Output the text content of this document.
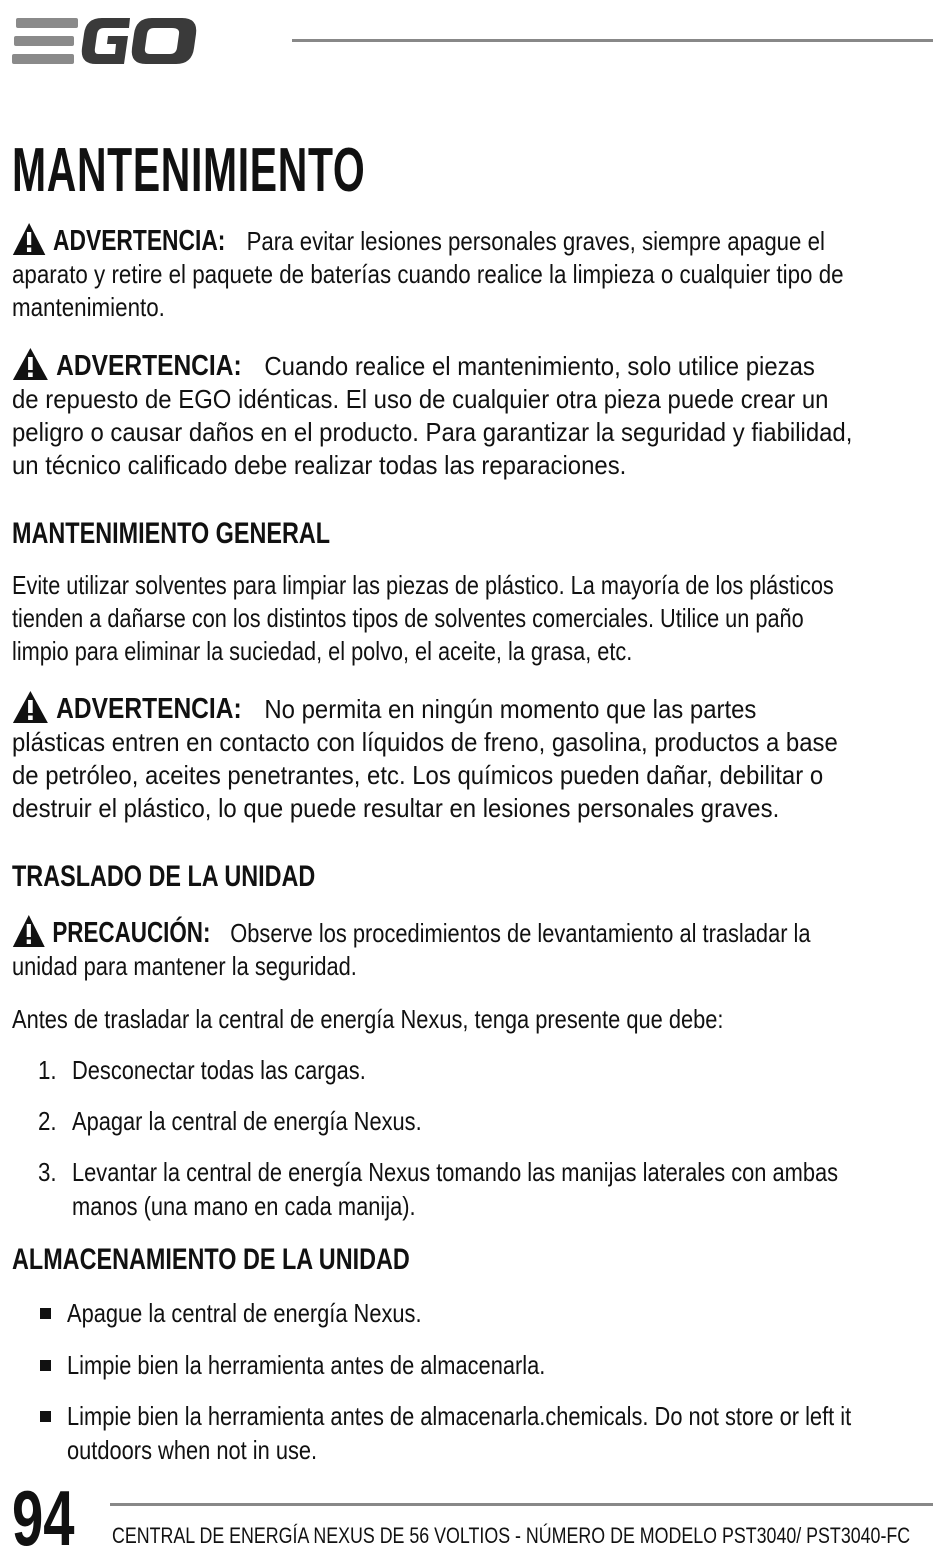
MANTENIMIENTO
ADVERTENCIA: Para evitar lesiones personales graves, siempre apague el
aparato y retire el paquete de baterías cuando realice la limpieza o cualquier tipo de
mantenimiento.
ADVERTENCIA: Cuando realice el mantenimiento, solo utilice piezas
de repuesto de EGO idénticas. El uso de cualquier otra pieza puede crear un
peligro o causar daños en el producto. Para garantizar la seguridad y fiabilidad,
un técnico calificado debe realizar todas las reparaciones.
MANTENIMIENTO GENERAL
Evite utilizar solventes para limpiar las piezas de plástico. La mayoría de los plásticos
tienden a dañarse con los distintos tipos de solventes comerciales. Utilice un paño
limpio para eliminar la suciedad, el polvo, el aceite, la grasa, etc.
ADVERTENCIA: No permita en ningún momento que las partes
plásticas entren en contacto con líquidos de freno, gasolina, productos a base
de petróleo, aceites penetrantes, etc. Los químicos pueden dañar, debilitar o
destruir el plástico, lo que puede resultar en lesiones personales graves.
TRASLADO DE LA UNIDAD
PRECAUCIÓN: Observe los procedimientos de levantamiento al trasladar la
unidad para mantener la seguridad.
Antes de trasladar la central de energía Nexus, tenga presente que debe:
1. Desconectar todas las cargas.
2. Apagar la central de energía Nexus.
3. Levantar la central de energía Nexus tomando las manijas laterales con ambas
manos (una mano en cada manija).
ALMACENAMIENTO DE LA UNIDAD
Apague la central de energía Nexus.
Limpie bien la herramienta antes de almacenarla.
Limpie bien la herramienta antes de almacenarla.chemicals. Do not store or left it
outdoors when not in use.
94 CENTRAL DE ENERGÍA NEXUS DE 56 VOLTIOS - NÚMERO DE MODELO PST3040/ PST3040-FC
